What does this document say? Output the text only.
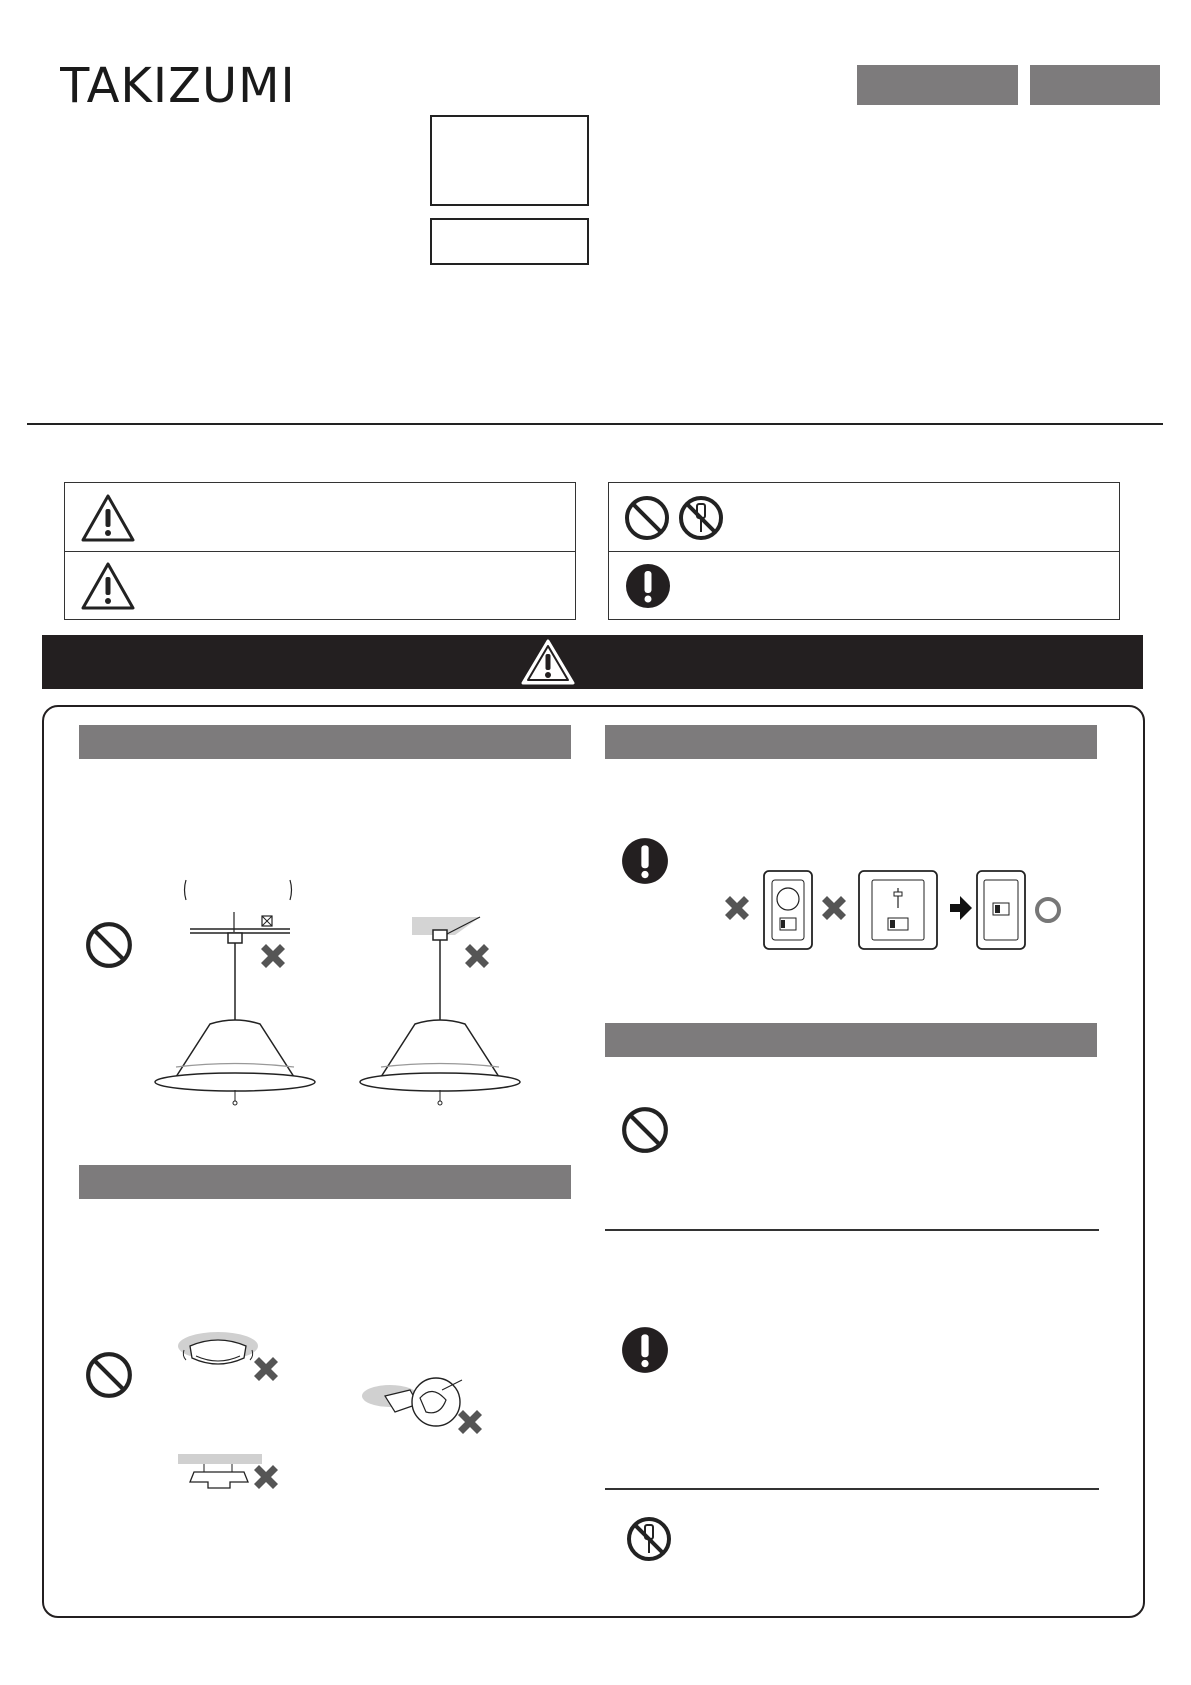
TAKIZUMI
